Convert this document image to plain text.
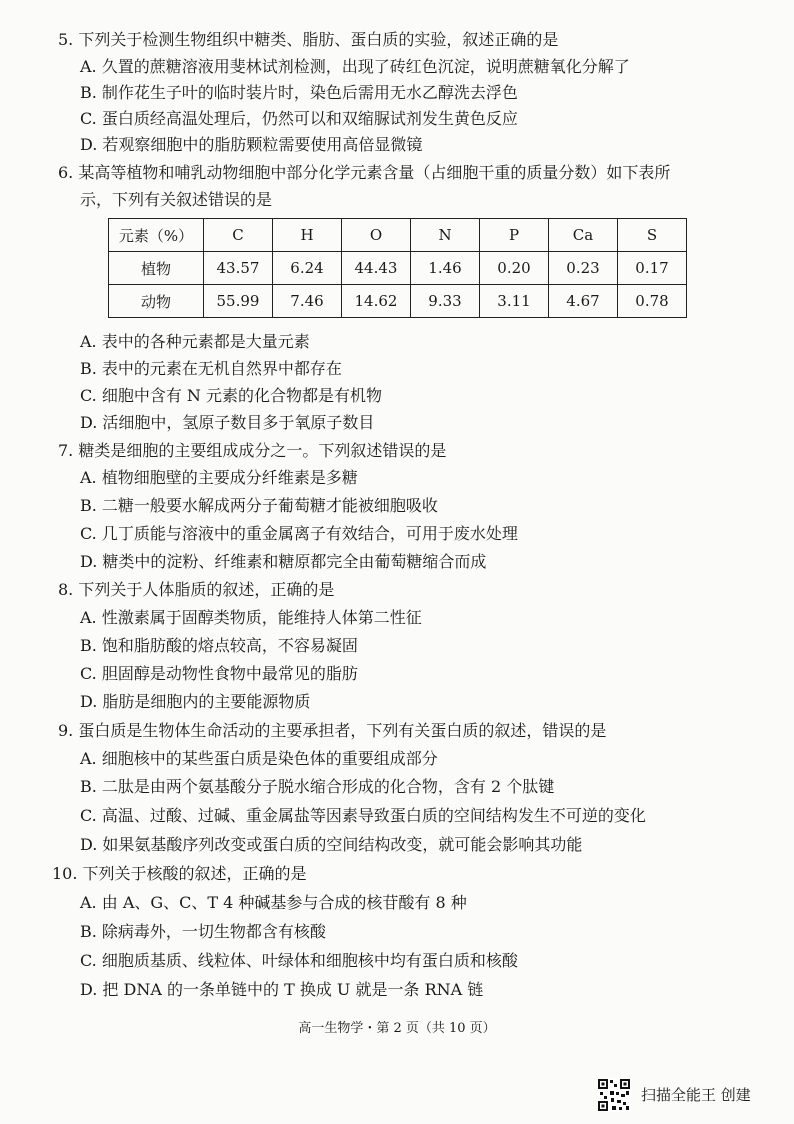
5. 下列关于检测生物组织中糖类、脂肪、蛋白质的实验，叙述正确的是
A. 久置的蔗糖溶液用斐林试剂检测，出现了砖红色沉淀，说明蔗糖氧化分解了
B. 制作花生子叶的临时装片时，染色后需用无水乙醇洗去浮色
C. 蛋白质经高温处理后，仍然可以和双缩脲试剂发生黄色反应
D. 若观察细胞中的脂肪颗粒需要使用高倍显微镜
6. 某高等植物和哺乳动物细胞中部分化学元素含量（占细胞干重的质量分数）如下表所
示，下列有关叙述错误的是
元素（%）	C	H	O	N	P	Ca	S
植物	43.57	6.24	44.43	1.46	0.20	0.23	0.17
动物	55.99	7.46	14.62	9.33	3.11	4.67	0.78
A. 表中的各种元素都是大量元素
B. 表中的元素在无机自然界中都存在
C. 细胞中含有 N 元素的化合物都是有机物
D. 活细胞中，氢原子数目多于氧原子数目
7. 糖类是细胞的主要组成成分之一。下列叙述错误的是
A. 植物细胞壁的主要成分纤维素是多糖
B. 二糖一般要水解成两分子葡萄糖才能被细胞吸收
C. 几丁质能与溶液中的重金属离子有效结合，可用于废水处理
D. 糖类中的淀粉、纤维素和糖原都完全由葡萄糖缩合而成
8. 下列关于人体脂质的叙述，正确的是
A. 性激素属于固醇类物质，能维持人体第二性征
B. 饱和脂肪酸的熔点较高，不容易凝固
C. 胆固醇是动物性食物中最常见的脂肪
D. 脂肪是细胞内的主要能源物质
9. 蛋白质是生物体生命活动的主要承担者，下列有关蛋白质的叙述，错误的是
A. 细胞核中的某些蛋白质是染色体的重要组成部分
B. 二肽是由两个氨基酸分子脱水缩合形成的化合物，含有 2 个肽键
C. 高温、过酸、过碱、重金属盐等因素导致蛋白质的空间结构发生不可逆的变化
D. 如果氨基酸序列改变或蛋白质的空间结构改变，就可能会影响其功能
10. 下列关于核酸的叙述，正确的是
A. 由 A、G、C、T 4 种碱基参与合成的核苷酸有 8 种
B. 除病毒外，一切生物都含有核酸
C. 细胞质基质、线粒体、叶绿体和细胞核中均有蛋白质和核酸
D. 把 DNA 的一条单链中的 T 换成 U 就是一条 RNA 链
高一生物学・第 2 页（共 10 页）
扫描全能王 创建
